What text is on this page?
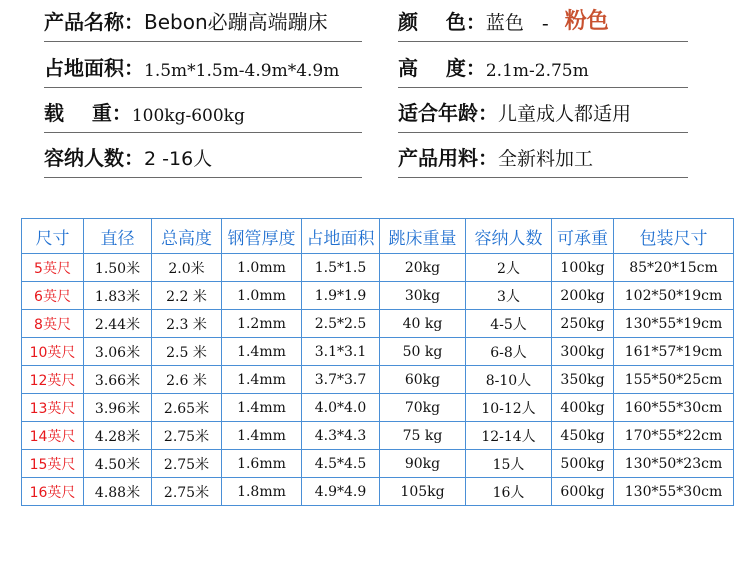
产品名称： Bebon必蹦高端蹦床	颜    色： 蓝色 - 粉色
占地面积： 1.5m*1.5m-4.9m*4.9m	高    度： 2.1m-2.75m
载    重： 100kg-600kg	适合年龄： 儿童成人都适用
容纳人数： 2 -16人	产品用料： 全新料加工
尺寸	直径	总高度	钢管厚度	占地面积	跳床重量	容纳人数	可承重	包装尺寸
5英尺	1.50米	2.0米	1.0mm	1.5*1.5	20kg	2人	100kg	85*20*15cm
6英尺	1.83米	2.2 米	1.0mm	1.9*1.9	30kg	3人	200kg	102*50*19cm
8英尺	2.44米	2.3 米	1.2mm	2.5*2.5	40 kg	4-5人	250kg	130*55*19cm
10英尺	3.06米	2.5 米	1.4mm	3.1*3.1	50 kg	6-8人	300kg	161*57*19cm
12英尺	3.66米	2.6 米	1.4mm	3.7*3.7	60kg	8-10人	350kg	155*50*25cm
13英尺	3.96米	2.65米	1.4mm	4.0*4.0	70kg	10-12人	400kg	160*55*30cm
14英尺	4.28米	2.75米	1.4mm	4.3*4.3	75 kg	12-14人	450kg	170*55*22cm
15英尺	4.50米	2.75米	1.6mm	4.5*4.5	90kg	15人	500kg	130*50*23cm
16英尺	4.88米	2.75米	1.8mm	4.9*4.9	105kg	16人	600kg	130*55*30cm
